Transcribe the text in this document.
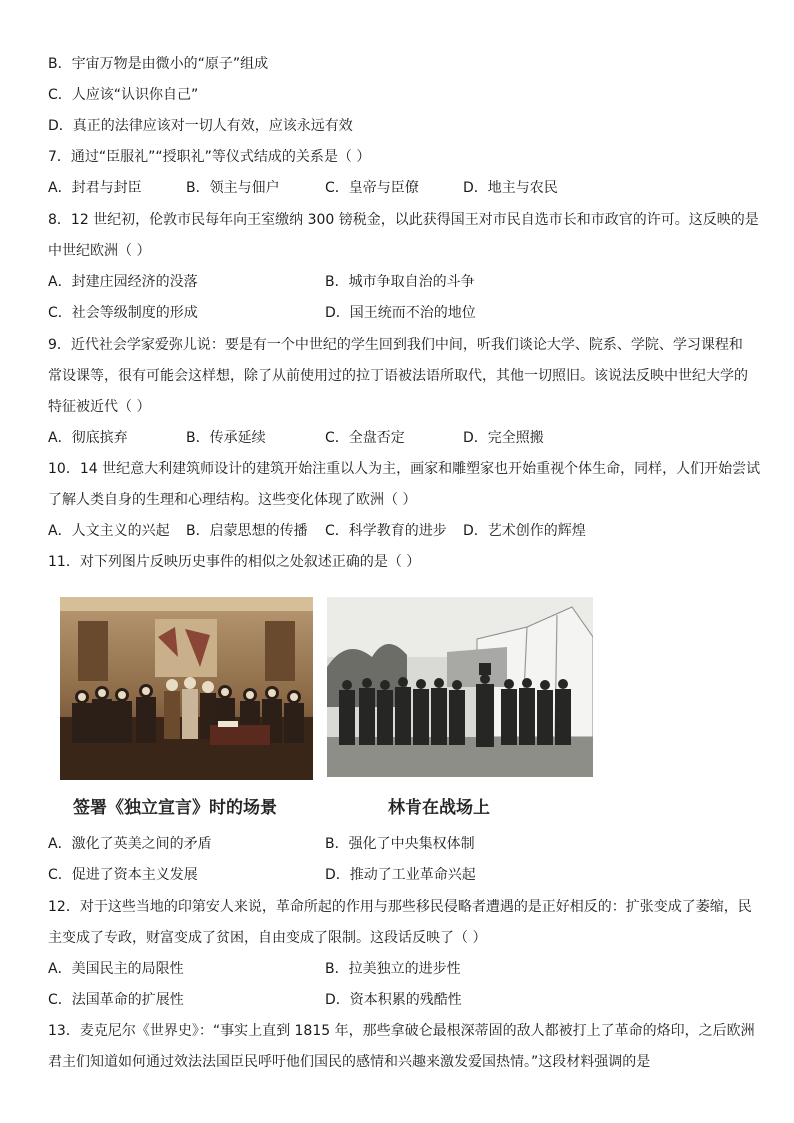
B．宇宙万物是由微小的“原子”组成
C．人应该“认识你自己”
D．真正的法律应该对一切人有效，应该永远有效
7．通过“臣服礼”“授职礼”等仪式结成的关系是（ ）
A．封君与封臣	B．领主与佃户	C．皇帝与臣僚	D．地主与农民
8．12 世纪初，伦敦市民每年向王室缴纳 300 镑税金，以此获得国王对市民自选市长和市政官的许可。这反映的是
中世纪欧洲（ ）
A．封建庄园经济的没落	B．城市争取自治的斗争
C．社会等级制度的形成	D．国王统而不治的地位
9．近代社会学家爱弥儿说：要是有一个中世纪的学生回到我们中间，听我们谈论大学、院系、学院、学习课程和
常设课等，很有可能会这样想，除了从前使用过的拉丁语被法语所取代，其他一切照旧。该说法反映中世纪大学的
特征被近代（ ）
A．彻底摈弃	B．传承延续	C．全盘否定	D．完全照搬
10．14 世纪意大利建筑师设计的建筑开始注重以人为主，画家和雕塑家也开始重视个体生命，同样，人们开始尝试
了解人类自身的生理和心理结构。这些变化体现了欧洲（ ）
A．人文主义的兴起 B．启蒙思想的传播 C．科学教育的进步 D．艺术创作的辉煌
11．对下列图片反映历史事件的相似之处叙述正确的是（ ）
签署《独立宣言》时的场景	林肯在战场上
A．激化了英美之间的矛盾	B．强化了中央集权体制
C．促进了资本主义发展	D．推动了工业革命兴起
12．对于这些当地的印第安人来说，革命所起的作用与那些移民侵略者遭遇的是正好相反的：扩张变成了萎缩，民
主变成了专政，财富变成了贫困，自由变成了限制。这段话反映了（ ）
A．美国民主的局限性	B．拉美独立的进步性
C．法国革命的扩展性	D．资本积累的残酷性
13．麦克尼尔《世界史》：“事实上直到 1815 年，那些拿破仑最根深蒂固的敌人都被打上了革命的烙印，之后欧洲
君主们知道如何通过效法法国臣民呼吁他们国民的感情和兴趣来激发爱国热情。”这段材料强调的是
